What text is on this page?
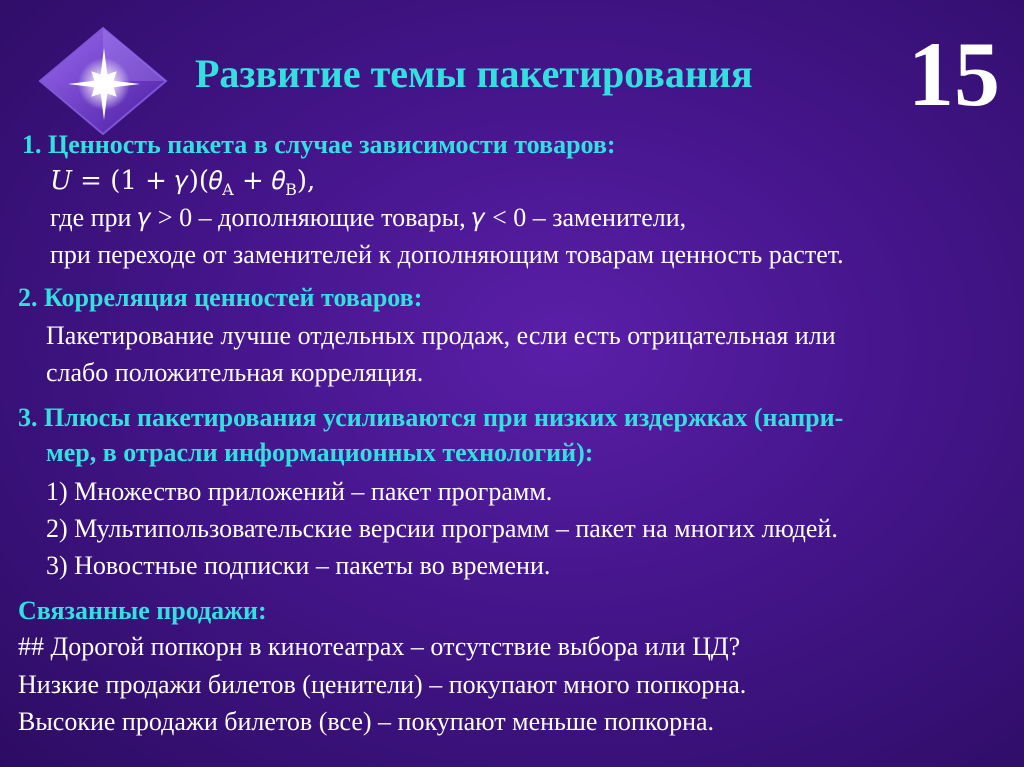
Развитие темы пакетирования	15
1. Ценность пакета в случае зависимости товаров:
𝑈 = (1 + 𝛾)(𝜃$_A$ + 𝜃$_B$),
где при 𝛾 > 0 – дополняющие товары, 𝛾 < 0 – заменители,
при переходе от заменителей к дополняющим товарам ценность растет.
2. Корреляция ценностей товаров:
Пакетирование лучше отдельных продаж, если есть отрицательная или
слабо положительная корреляция.
3. Плюсы пакетирования усиливаются при низких издержках (напри-
мер, в отрасли информационных технологий):
1) Множество приложений – пакет программ.
2) Мультипользовательские версии программ – пакет на многих людей.
3) Новостные подписки – пакеты во времени.
Связанные продажи:
## Дорогой попкорн в кинотеатрах – отсутствие выбора или ЦД?
Низкие продажи билетов (ценители) – покупают много попкорна.
Высокие продажи билетов (все) – покупают меньше попкорна.
